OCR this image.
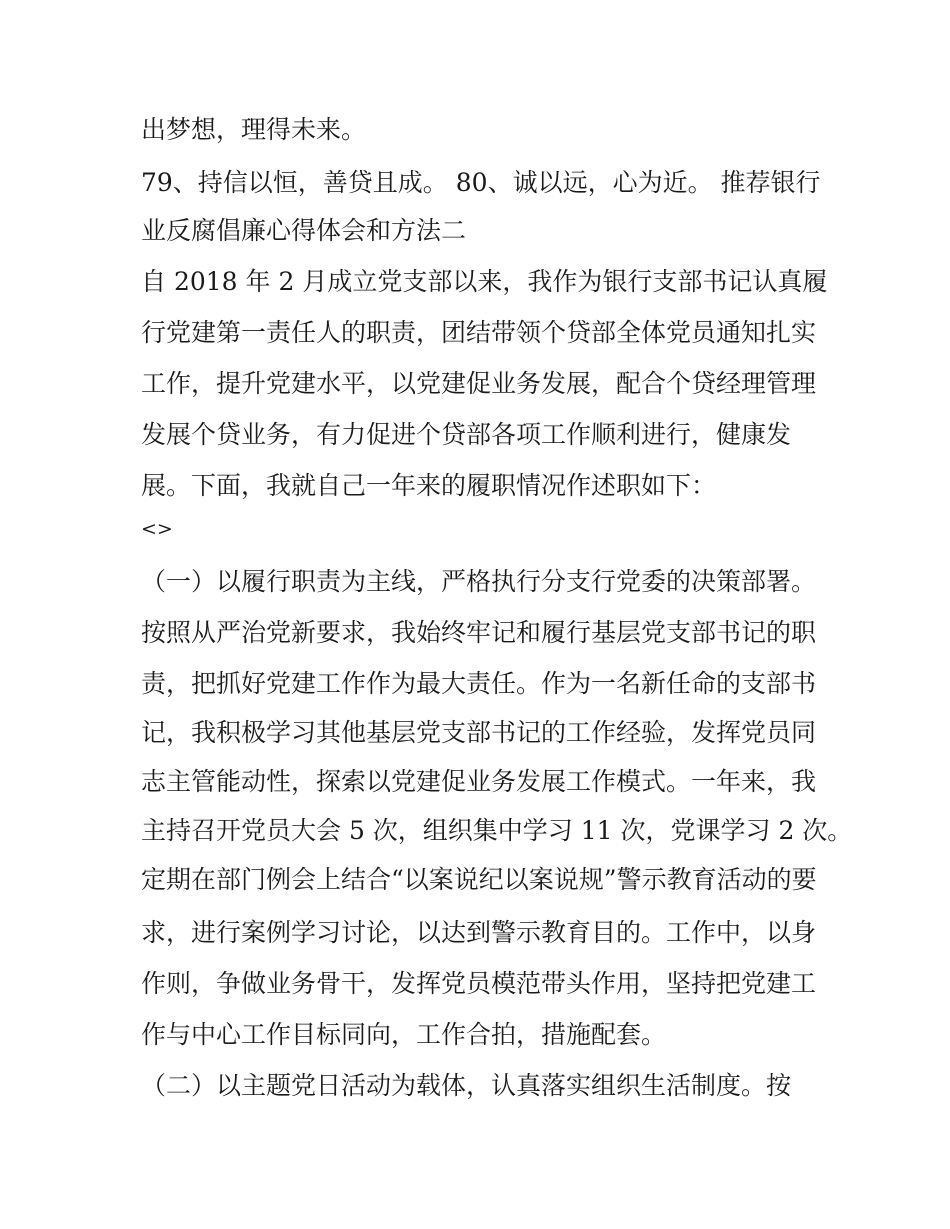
出梦想，理得未来。
79、持信以恒，善贷且成。 80、诚以远，心为近。 推荐银行
业反腐倡廉心得体会和方法二
自 2018 年 2 月成立党支部以来，我作为银行支部书记认真履
行党建第一责任人的职责，团结带领个贷部全体党员通知扎实
工作，提升党建水平，以党建促业务发展，配合个贷经理管理
发展个贷业务，有力促进个贷部各项工作顺利进行，健康发
展。下面，我就自己一年来的履职情况作述职如下：
<>
（一）以履行职责为主线，严格执行分支行党委的决策部署。
按照从严治党新要求，我始终牢记和履行基层党支部书记的职
责，把抓好党建工作作为最大责任。作为一名新任命的支部书
记，我积极学习其他基层党支部书记的工作经验，发挥党员同
志主管能动性，探索以党建促业务发展工作模式。一年来，我
主持召开党员大会 5 次，组织集中学习 11 次，党课学习 2 次。
定期在部门例会上结合“以案说纪以案说规”警示教育活动的要
求，进行案例学习讨论，以达到警示教育目的。工作中，以身
作则，争做业务骨干，发挥党员模范带头作用，坚持把党建工
作与中心工作目标同向，工作合拍，措施配套。
（二）以主题党日活动为载体，认真落实组织生活制度。按
